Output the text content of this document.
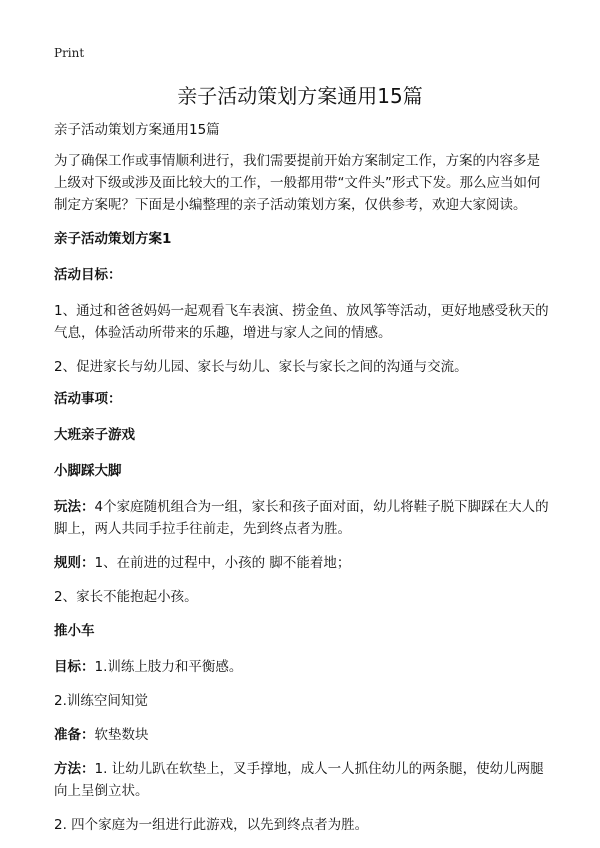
Print
亲子活动策划方案通用15篇
亲子活动策划方案通用15篇

为了确保工作或事情顺利进行，我们需要提前开始方案制定工作，方案的内容多是上级对下级或涉及面比较大的工作，一般都用带“文件头”形式下发。那么应当如何制定方案呢？下面是小编整理的亲子活动策划方案，仅供参考，欢迎大家阅读。

亲子活动策划方案1
活动目标：

1、通过和爸爸妈妈一起观看飞车表演、捞金鱼、放风筝等活动，更好地感受秋天的气息，体验活动所带来的乐趣，增进与家人之间的情感。

2、促进家长与幼儿园、家长与幼儿、家长与家长之间的沟通与交流。

活动事项：
大班亲子游戏
小脚踩大脚

玩法：4个家庭随机组合为一组，家长和孩子面对面，幼儿将鞋子脱下脚踩在大人的脚上，两人共同手拉手往前走，先到终点者为胜。

规则：1、在前进的过程中，小孩的 脚不能着地；

2、家长不能抱起小孩。

推小车

目标：1.训练上肢力和平衡感。

2.训练空间知觉

准备：软垫数块

方法：1. 让幼儿趴在软垫上，叉手撑地，成人一人抓住幼儿的两条腿，使幼儿两腿向上呈倒立状。

2. 四个家庭为一组进行此游戏，以先到终点者为胜。
